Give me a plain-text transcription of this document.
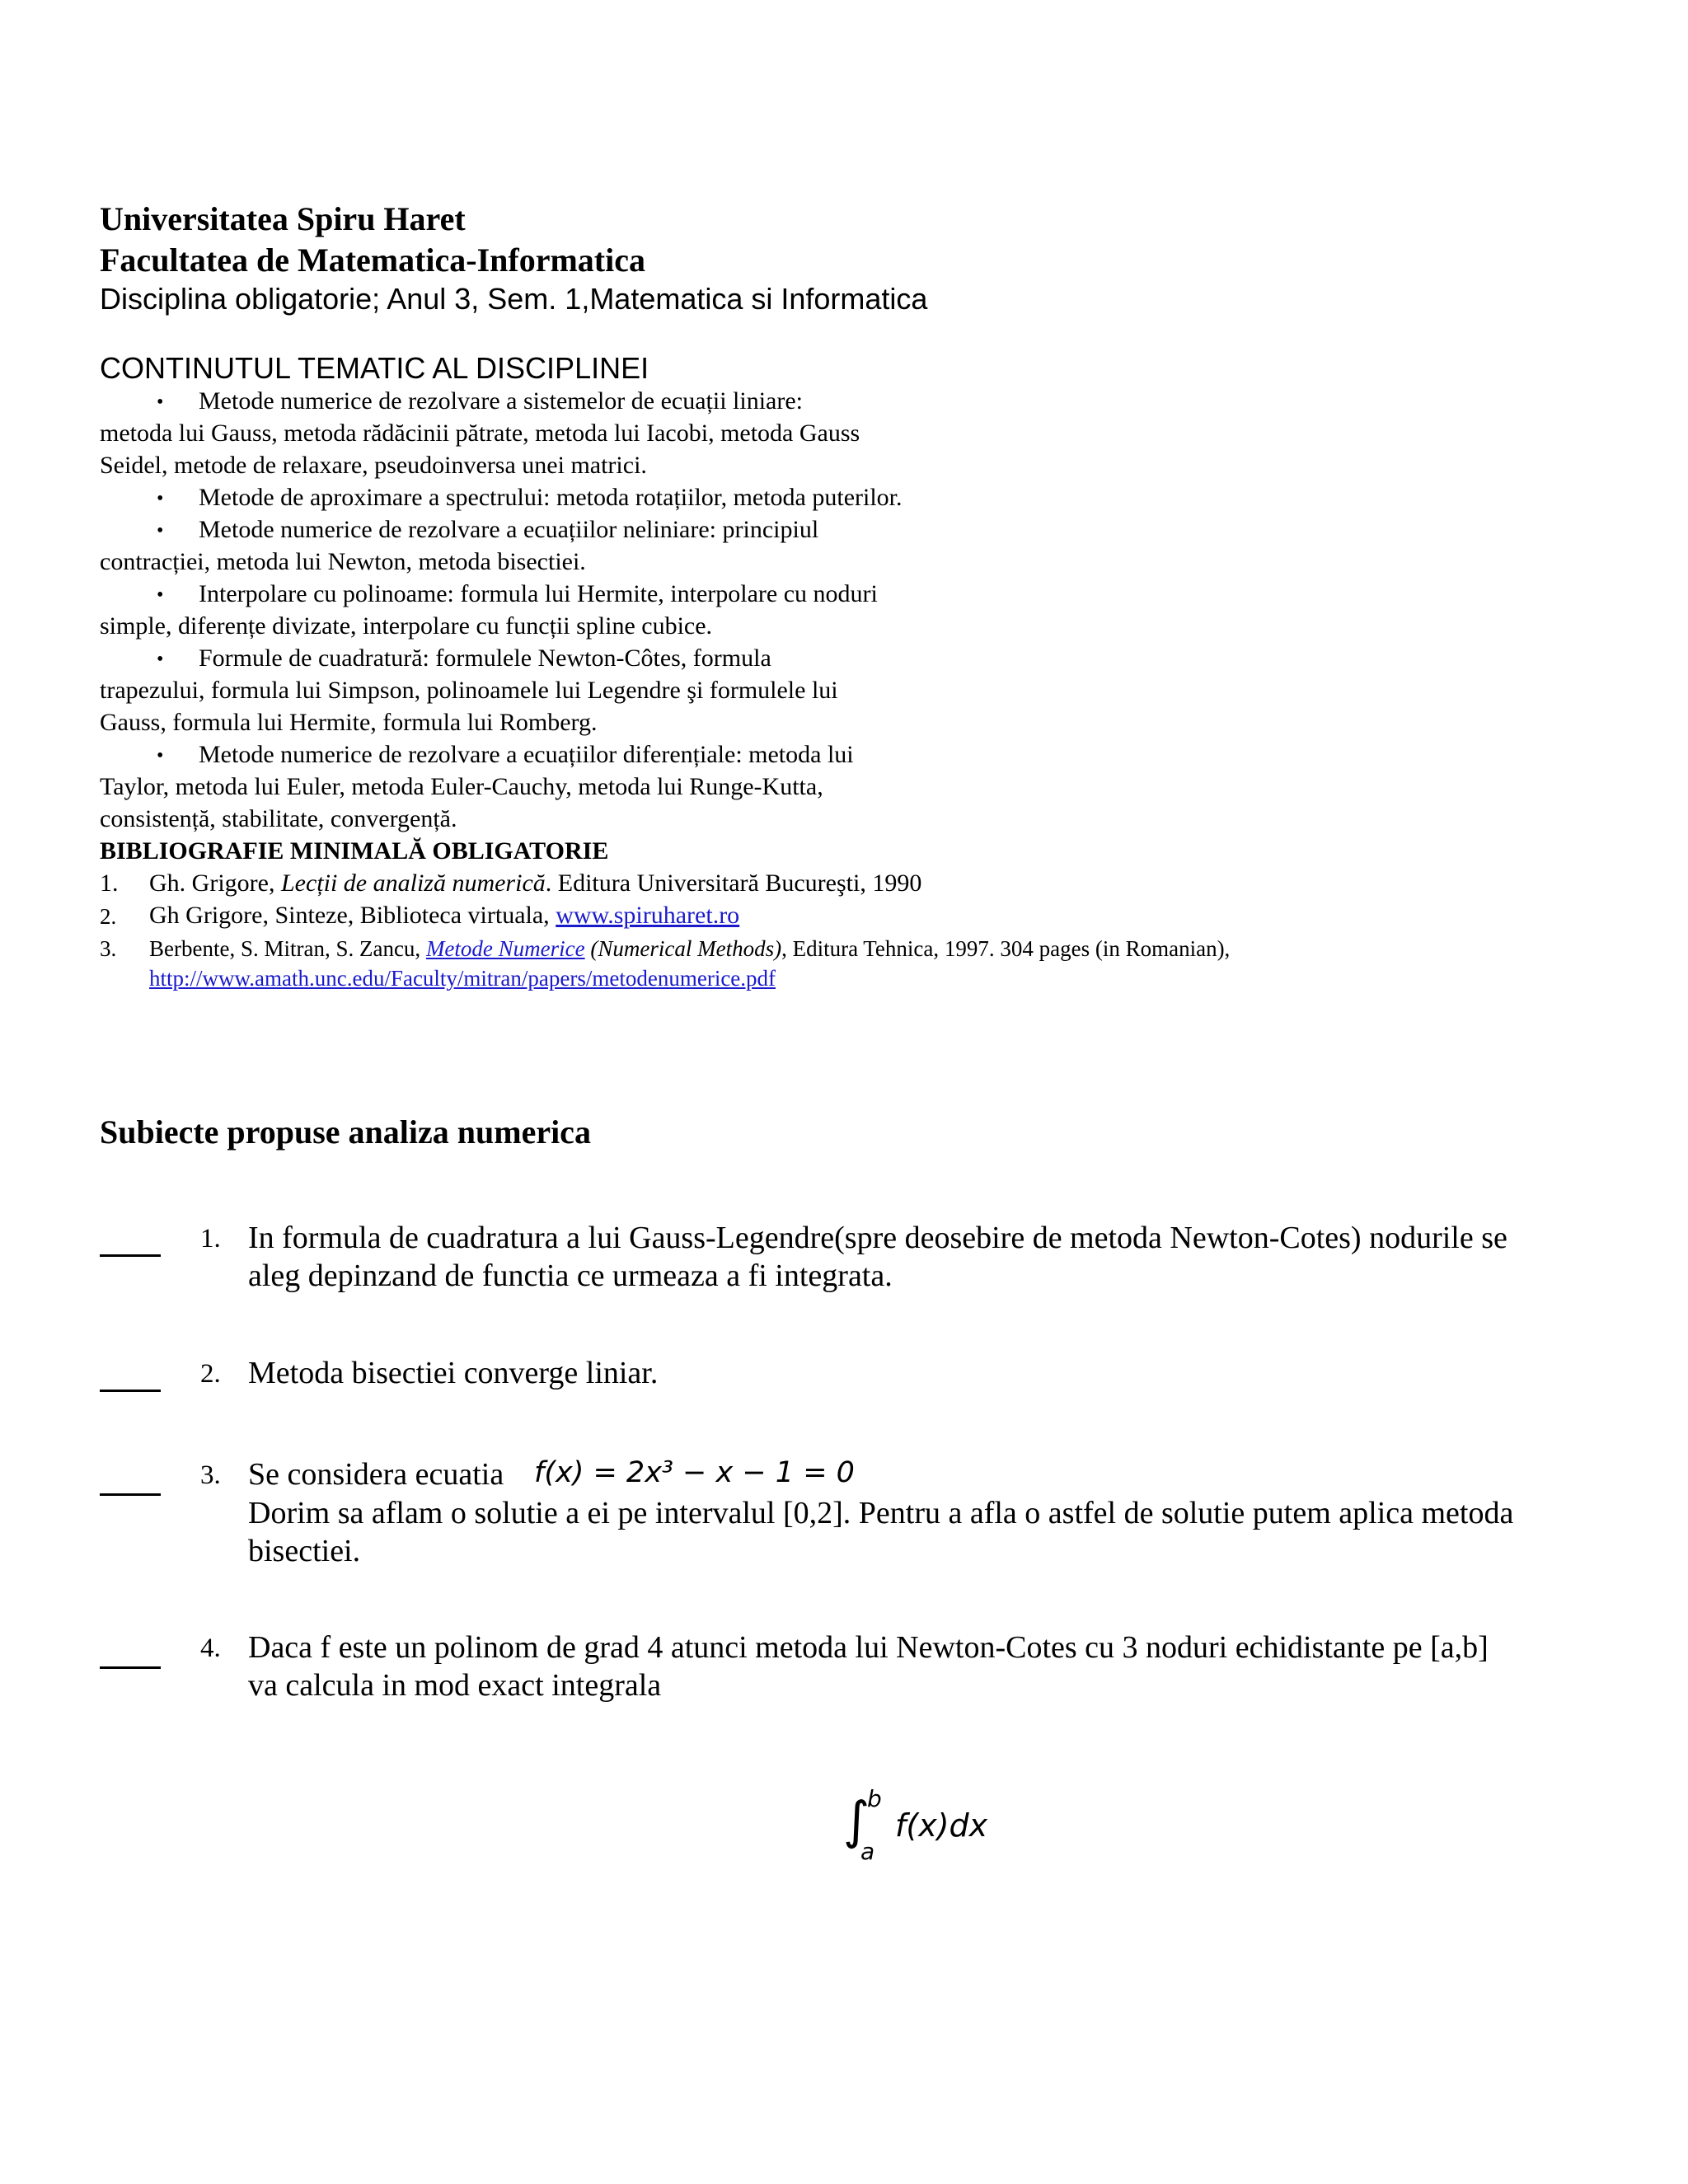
Universitatea Spiru Haret
Facultatea de Matematica-Informatica
Disciplina obligatorie; Anul 3, Sem. 1,Matematica si Informatica
CONTINUTUL TEMATIC AL DISCIPLINEI
• Metode numerice de rezolvare a sistemelor de ecuații liniare:
metoda lui Gauss, metoda rădăcinii pătrate, metoda lui Iacobi, metoda Gauss
Seidel, metode de relaxare, pseudoinversa unei matrici.
• Metode de aproximare a spectrului: metoda rotațiilor, metoda puterilor.
• Metode numerice de rezolvare a ecuațiilor neliniare: principiul
contracției, metoda lui Newton, metoda bisectiei.
• Interpolare cu polinoame: formula lui Hermite, interpolare cu noduri
simple, diferențe divizate, interpolare cu funcții spline cubice.
• Formule de cuadratură: formulele Newton-Côtes, formula
trapezului, formula lui Simpson, polinoamele lui Legendre şi formulele lui
Gauss, formula lui Hermite, formula lui Romberg.
• Metode numerice de rezolvare a ecuațiilor diferențiale: metoda lui
Taylor, metoda lui Euler, metoda Euler-Cauchy, metoda lui Runge-Kutta,
consistență, stabilitate, convergență.
BIBLIOGRAFIE MINIMALĂ OBLIGATORIE
1. Gh. Grigore, Lecții de analiză numerică. Editura Universitară Bucureşti, 1990
2. Gh Grigore, Sinteze, Biblioteca virtuala, www.spiruharet.ro
3. Berbente, S. Mitran, S. Zancu, Metode Numerice (Numerical Methods), Editura Tehnica, 1997. 304 pages (in Romanian),
http://www.amath.unc.edu/Faculty/mitran/papers/metodenumerice.pdf
Subiecte propuse analiza numerica
1. In formula de cuadratura a lui Gauss-Legendre(spre deosebire de metoda Newton-Cotes) nodurile se
aleg depinzand de functia ce urmeaza a fi integrata.
2. Metoda bisectiei converge liniar.
3. Se considera ecuatia f(x) = 2x³ − x − 1 = 0
Dorim sa aflam o solutie a ei pe intervalul [0,2]. Pentru a afla o astfel de solutie putem aplica metoda
bisectiei.
4. Daca f este un polinom de grad 4 atunci metoda lui Newton-Cotes cu 3 noduri echidistante pe [a,b]
va calcula in mod exact integrala
∫
b
a
f(x)dx
